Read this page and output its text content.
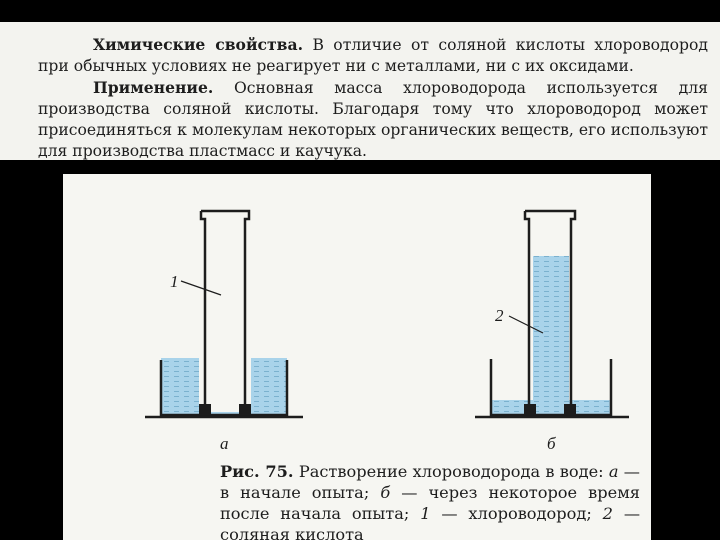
Химические свойства. В отличие от соляной кислоты хлороводород при обычных условиях не реагирует ни с металлами, ни с их оксидами.

Применение. Основная масса хлороводорода используется для производства соляной кислоты. Благодаря тому что хлороводород может присоединяться к молекулам некоторых органических веществ, его используют для производства пластмасс и каучука.

1
а
2
б

Рис. 75. Растворение хлороводорода в воде: а — в начале опыта; б — через некоторое время после начала опыта; 1 — хлороводород; 2 — соляная кислота
